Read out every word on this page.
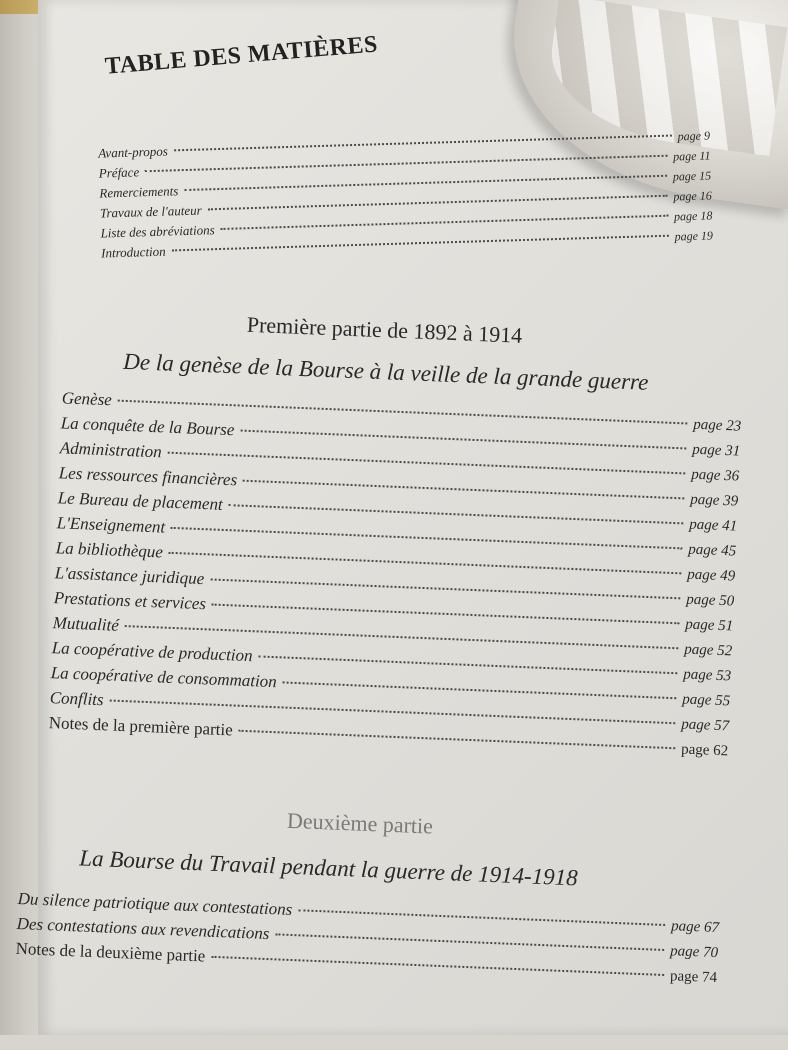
TABLE DES MATIÈRES
Avant-propos
page 9
Préface
page 11
Remerciements
page 15
Travaux de l'auteur
page 16
Liste des abréviations
page 18
Introduction
page 19
Première partie de 1892 à 1914
De la genèse de la Bourse à la veille de la grande guerre
Genèse
page 23
La conquête de la Bourse
page 31
Administration
page 36
Les ressources financières
page 39
Le Bureau de placement
page 41
L'Enseignement
page 45
La bibliothèque
page 49
L'assistance juridique
page 50
Prestations et services
page 51
Mutualité
page 52
La coopérative de production
page 53
La coopérative de consommation
page 55
Conflits
page 57
Notes de la première partie
page 62
Deuxième partie
La Bourse du Travail pendant la guerre de 1914-1918
Du silence patriotique aux contestations
page 67
Des contestations aux revendications
page 70
Notes de la deuxième partie
page 74
